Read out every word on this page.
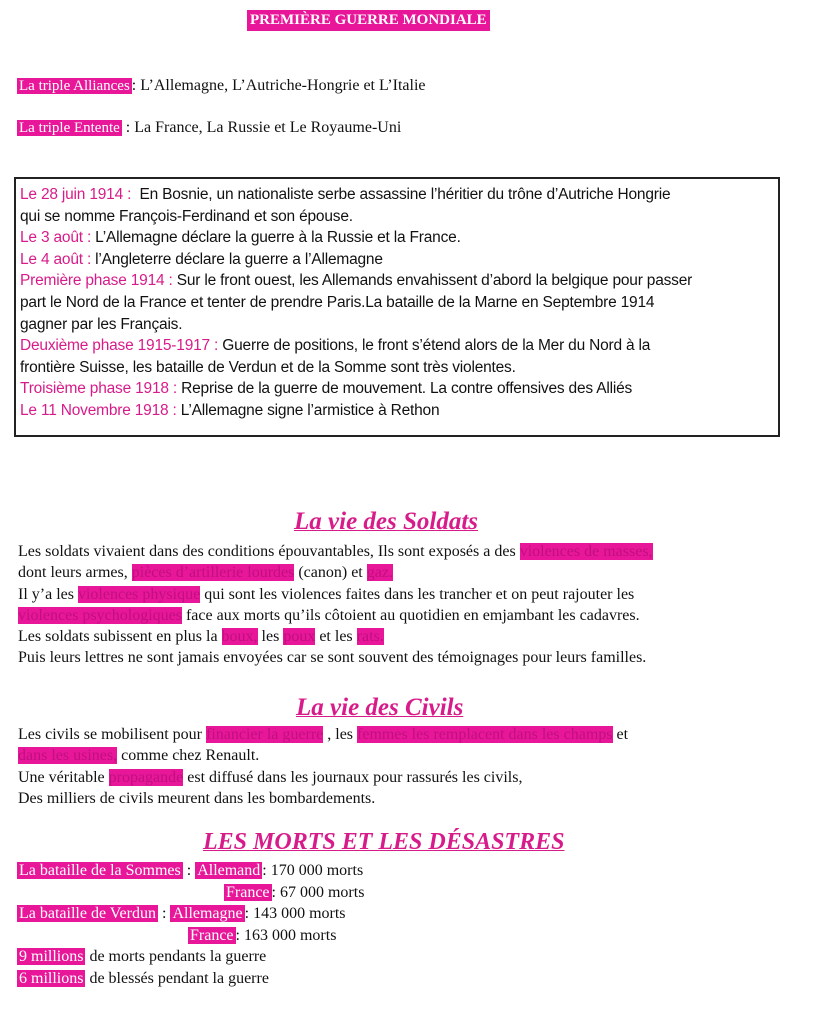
PREMIÈRE GUERRE MONDIALE
La triple Alliances : L’Allemagne, L’Autriche-Hongrie et L’Italie
La triple Entente : La France, La Russie et Le Royaume-Uni
Le 28 juin 1914 : En Bosnie, un nationaliste serbe assassine l’héritier du trône d’Autriche Hongrie
qui se nomme François-Ferdinand et son épouse.
Le 3 août : L’Allemagne déclare la guerre à la Russie et la France.
Le 4 août : l’Angleterre déclare la guerre a l’Allemagne
Première phase 1914 : Sur le front ouest, les Allemands envahissent d’abord la belgique pour passer
part le Nord de la France et tenter de prendre Paris.La bataille de la Marne en Septembre 1914
gagner par les Français.
Deuxième phase 1915-1917 : Guerre de positions, le front s’étend alors de la Mer du Nord à la
frontière Suisse, les bataille de Verdun et de la Somme sont très violentes.
Troisième phase 1918 : Reprise de la guerre de mouvement. La contre offensives des Alliés
Le 11 Novembre 1918 : L’Allemagne signe l’armistice à Rethon
La vie des Soldats
Les soldats vivaient dans des conditions épouvantables, Ils sont exposés a des violences de masses,
dont leurs armes, pièces d’artillerie lourdes (canon) et gaz.
Il y’a les violences physique qui sont les violences faites dans les trancher et on peut rajouter les
violences psychologiques face aux morts qu’ils côtoient au quotidien en emjambant les cadavres.
Les soldats subissent en plus la boux, les poux et les rats.
Puis leurs lettres ne sont jamais envoyées car se sont souvent des témoignages pour leurs familles.
La vie des Civils
Les civils se mobilisent pour financier la guerre , les femmes les remplacent dans les champs et
dans les usines, comme chez Renault.
Une véritable propagande est diffusé dans les journaux pour rassurés les civils,
Des milliers de civils meurent dans les bombardements.
LES MORTS ET LES DÉSASTRES
La bataille de la Sommes : Allemand : 170 000 morts
France : 67 000 morts
La bataille de Verdun : Allemagne : 143 000 morts
France : 163 000 morts
9 millions de morts pendants la guerre
6 millions de blessés pendant la guerre
